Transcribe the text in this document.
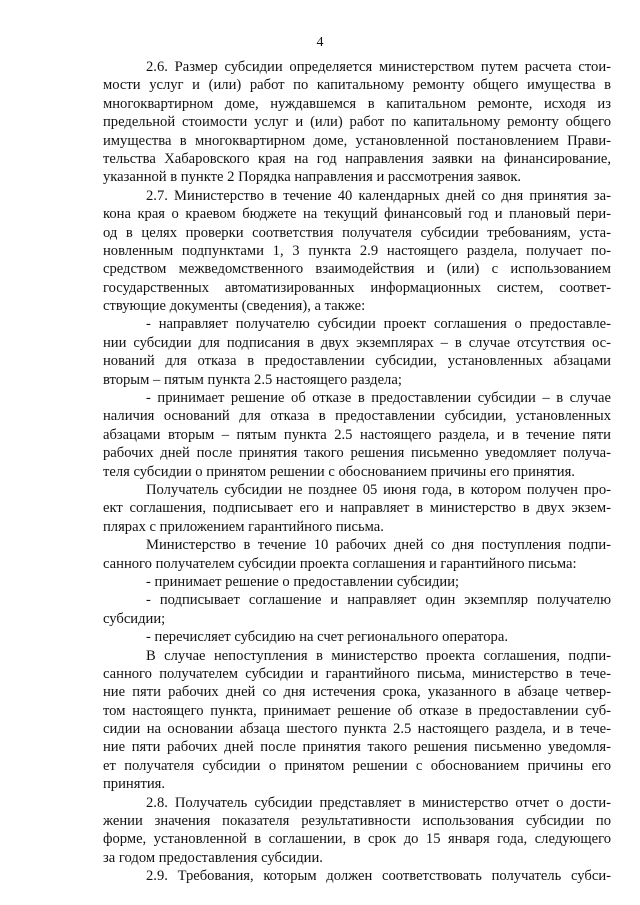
4
2.6. Размер субсидии определяется министерством путем расчета стои-
мости услуг и (или) работ по капитальному ремонту общего имущества в
многоквартирном доме, нуждавшемся в капитальном ремонте, исходя из
предельной стоимости услуг и (или) работ по капитальному ремонту общего
имущества в многоквартирном доме, установленной постановлением Прави-
тельства Хабаровского края на год направления заявки на финансирование,
указанной в пункте 2 Порядка направления и рассмотрения заявок.
2.7. Министерство в течение 40 календарных дней со дня принятия за-
кона края о краевом бюджете на текущий финансовый год и плановый пери-
од в целях проверки соответствия получателя субсидии требованиям, уста-
новленным подпунктами 1, 3 пункта 2.9 настоящего раздела, получает по-
средством межведомственного взаимодействия и (или) с использованием
государственных автоматизированных информационных систем, соответ-
ствующие документы (сведения), а также:
- направляет получателю субсидии проект соглашения о предоставле-
нии субсидии для подписания в двух экземплярах – в случае отсутствия ос-
нований для отказа в предоставлении субсидии, установленных абзацами
вторым – пятым пункта 2.5 настоящего раздела;
- принимает решение об отказе в предоставлении субсидии – в случае
наличия оснований для отказа в предоставлении субсидии, установленных
абзацами вторым – пятым пункта 2.5 настоящего раздела, и в течение пяти
рабочих дней после принятия такого решения письменно уведомляет получа-
теля субсидии о принятом решении с обоснованием причины его принятия.
Получатель субсидии не позднее 05 июня года, в котором получен про-
ект соглашения, подписывает его и направляет в министерство в двух экзем-
плярах с приложением гарантийного письма.
Министерство в течение 10 рабочих дней со дня поступления подпи-
санного получателем субсидии проекта соглашения и гарантийного письма:
- принимает решение о предоставлении субсидии;
- подписывает соглашение и направляет один экземпляр получателю
субсидии;
- перечисляет субсидию на счет регионального оператора.
В случае непоступления в министерство проекта соглашения, подпи-
санного получателем субсидии и гарантийного письма, министерство в тече-
ние пяти рабочих дней со дня истечения срока, указанного в абзаце четвер-
том настоящего пункта, принимает решение об отказе в предоставлении суб-
сидии на основании абзаца шестого пункта 2.5 настоящего раздела, и в тече-
ние пяти рабочих дней после принятия такого решения письменно уведомля-
ет получателя субсидии о принятом решении с обоснованием причины его
принятия.
2.8. Получатель субсидии представляет в министерство отчет о дости-
жении значения показателя результативности использования субсидии по
форме, установленной в соглашении, в срок до 15 января года, следующего
за годом предоставления субсидии.
2.9. Требования, которым должен соответствовать получатель субси-
